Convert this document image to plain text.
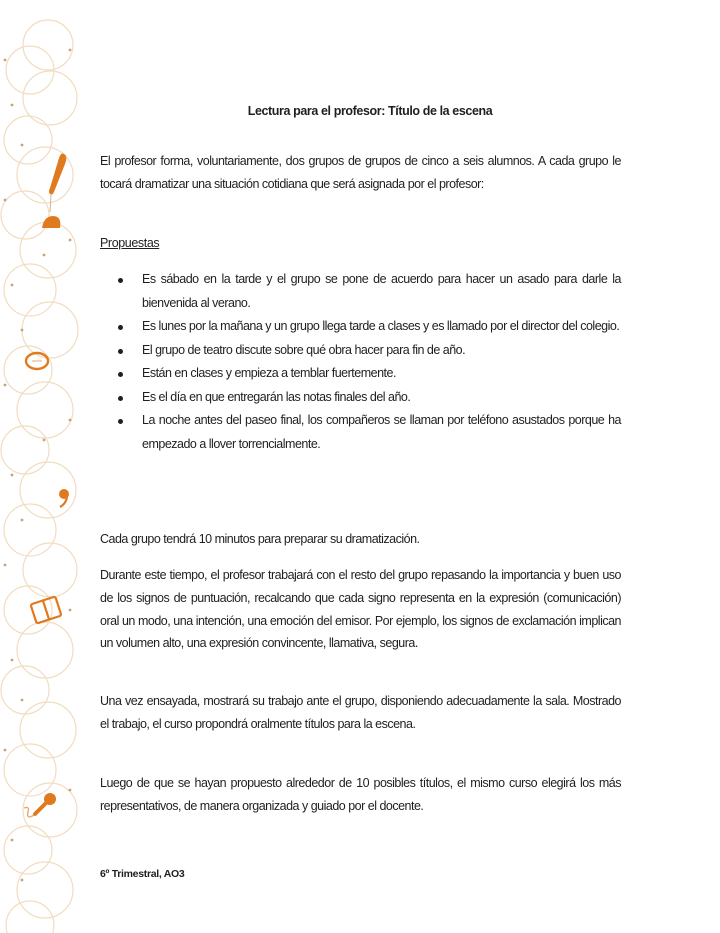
Lectura para el profesor: Título de la escena
El profesor forma, voluntariamente, dos grupos de grupos de cinco a seis alumnos. A cada grupo le tocará dramatizar una situación cotidiana que será asignada por el profesor:
Propuestas
Es sábado en la tarde y el grupo se pone de acuerdo para hacer un asado para darle la bienvenida al verano.
Es lunes por la mañana y un grupo llega tarde a clases y es llamado por el director del colegio.
El grupo de teatro discute sobre qué obra hacer para fin de año.
Están en clases y empieza a temblar fuertemente.
Es el día en que entregarán las notas finales del año.
La noche antes del paseo final, los compañeros se llaman por teléfono asustados porque ha empezado a llover torrencialmente.
Cada grupo tendrá 10 minutos para preparar su dramatización.
Durante este tiempo, el profesor trabajará con el resto del grupo repasando la importancia y buen uso de los signos de puntuación, recalcando que cada signo representa en la expresión (comunicación) oral un modo, una intención, una emoción del emisor. Por ejemplo, los signos de exclamación implican un volumen alto, una expresión convincente, llamativa, segura.
Una vez ensayada, mostrará su trabajo ante el grupo, disponiendo adecuadamente la sala. Mostrado el trabajo, el curso propondrá oralmente títulos para la escena.
Luego de que se hayan propuesto alrededor de 10 posibles títulos, el mismo curso elegirá los más representativos, de manera organizada y guiado por el docente.
6º Trimestral, AO3
